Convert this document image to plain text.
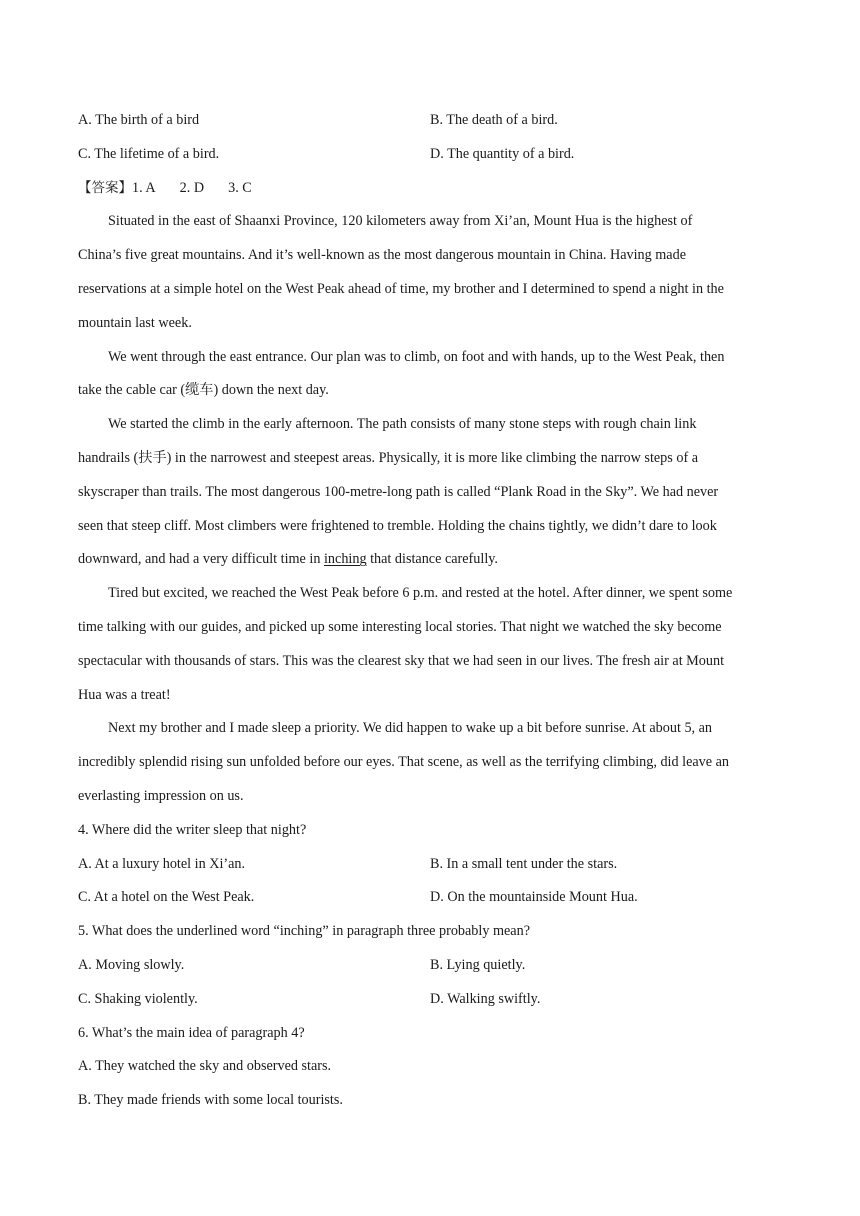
A. The birth of a bird	B. The death of a bird.
C. The lifetime of a bird.	D. The quantity of a bird.
【答案】1. A 2. D 3. C
Situated in the east of Shaanxi Province, 120 kilometers away from Xi’an, Mount Hua is the highest of
China’s five great mountains. And it’s well-known as the most dangerous mountain in China. Having made
reservations at a simple hotel on the West Peak ahead of time, my brother and I determined to spend a night in the
mountain last week.
We went through the east entrance. Our plan was to climb, on foot and with hands, up to the West Peak, then
take the cable car (缆车) down the next day.
We started the climb in the early afternoon. The path consists of many stone steps with rough chain link
handrails (扶手) in the narrowest and steepest areas. Physically, it is more like climbing the narrow steps of a
skyscraper than trails. The most dangerous 100-metre-long path is called “Plank Road in the Sky”. We had never
seen that steep cliff. Most climbers were frightened to tremble. Holding the chains tightly, we didn’t dare to look
downward, and had a very difficult time in inching that distance carefully.
Tired but excited, we reached the West Peak before 6 p.m. and rested at the hotel. After dinner, we spent some
time talking with our guides, and picked up some interesting local stories. That night we watched the sky become
spectacular with thousands of stars. This was the clearest sky that we had seen in our lives. The fresh air at Mount
Hua was a treat!
Next my brother and I made sleep a priority. We did happen to wake up a bit before sunrise. At about 5, an
incredibly splendid rising sun unfolded before our eyes. That scene, as well as the terrifying climbing, did leave an
everlasting impression on us.
4. Where did the writer sleep that night?
A. At a luxury hotel in Xi’an.	B. In a small tent under the stars.
C. At a hotel on the West Peak.	D. On the mountainside Mount Hua.
5. What does the underlined word “inching” in paragraph three probably mean?
A. Moving slowly.	B. Lying quietly.
C. Shaking violently.	D. Walking swiftly.
6. What’s the main idea of paragraph 4?
A. They watched the sky and observed stars.
B. They made friends with some local tourists.
